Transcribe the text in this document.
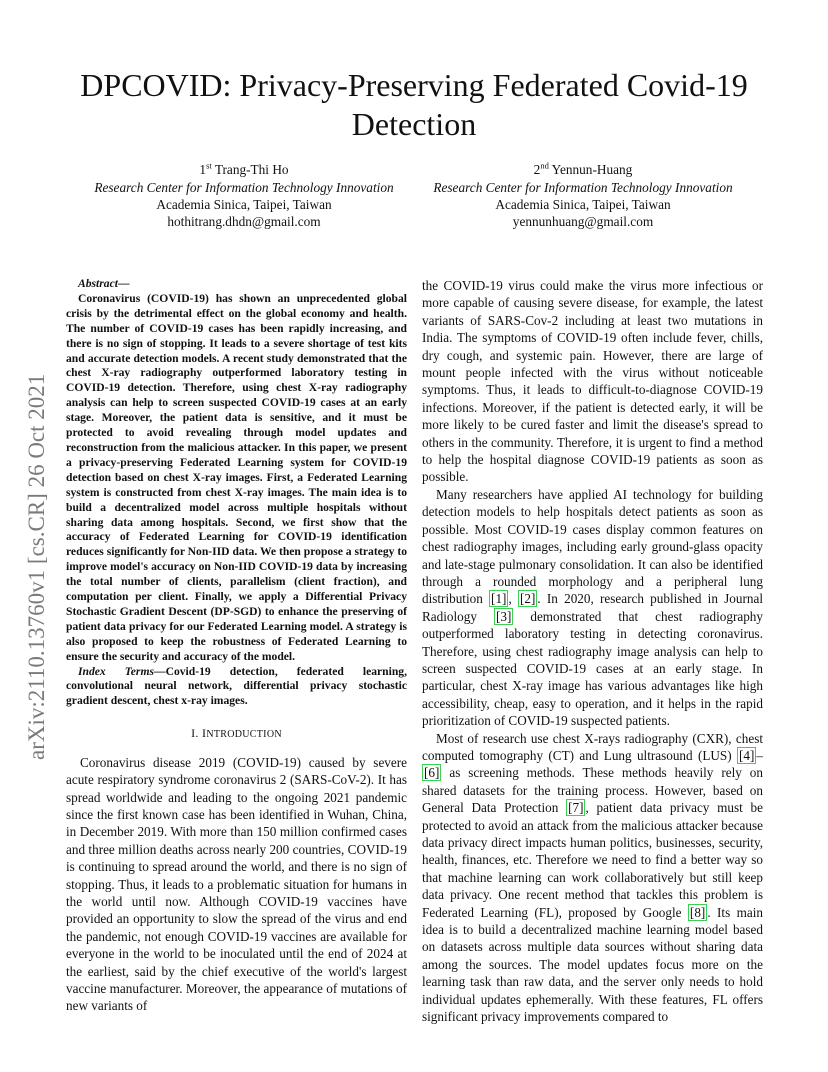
DPCOVID: Privacy-Preserving Federated Covid-19 Detection
1st Trang-Thi Ho
Research Center for Information Technology Innovation
Academia Sinica, Taipei, Taiwan
hothitrang.dhdn@gmail.com
2nd Yennun-Huang
Research Center for Information Technology Innovation
Academia Sinica, Taipei, Taiwan
yennunhuang@gmail.com
arXiv:2110.13760v1 [cs.CR] 26 Oct 2021

Abstract—

Coronavirus (COVID-19) has shown an unprecedented global crisis by the detrimental effect on the global economy and health. The number of COVID-19 cases has been rapidly increasing, and there is no sign of stopping. It leads to a severe shortage of test kits and accurate detection models. A recent study demonstrated that the chest X-ray radiography outperformed laboratory testing in COVID-19 detection. Therefore, using chest X-ray radiography analysis can help to screen suspected COVID-19 cases at an early stage. Moreover, the patient data is sensitive, and it must be protected to avoid revealing through model updates and reconstruction from the malicious attacker. In this paper, we present a privacy-preserving Federated Learning system for COVID-19 detection based on chest X-ray images. First, a Federated Learning system is constructed from chest X-ray images. The main idea is to build a decentralized model across multiple hospitals without sharing data among hospitals. Second, we first show that the accuracy of Federated Learning for COVID-19 identification reduces significantly for Non-IID data. We then propose a strategy to improve model's accuracy on Non-IID COVID-19 data by increasing the total number of clients, parallelism (client fraction), and computation per client. Finally, we apply a Differential Privacy Stochastic Gradient Descent (DP-SGD) to enhance the preserving of patient data privacy for our Federated Learning model. A strategy is also proposed to keep the robustness of Federated Learning to ensure the security and accuracy of the model.

Index Terms—Covid-19 detection, federated learning, convolutional neural network, differential privacy stochastic gradient descent, chest x-ray images.

I. INTRODUCTION

Coronavirus disease 2019 (COVID-19) caused by severe acute respiratory syndrome coronavirus 2 (SARS-CoV-2). It has spread worldwide and leading to the ongoing 2021 pandemic since the first known case has been identified in Wuhan, China, in December 2019. With more than 150 million confirmed cases and three million deaths across nearly 200 countries, COVID-19 is continuing to spread around the world, and there is no sign of stopping. Thus, it leads to a problematic situation for humans in the world until now. Although COVID-19 vaccines have provided an opportunity to slow the spread of the virus and end the pandemic, not enough COVID-19 vaccines are available for everyone in the world to be inoculated until the end of 2024 at the earliest, said by the chief executive of the world's largest vaccine manufacturer. Moreover, the appearance of mutations of new variants of

the COVID-19 virus could make the virus more infectious or more capable of causing severe disease, for example, the latest variants of SARS-Cov-2 including at least two mutations in India. The symptoms of COVID-19 often include fever, chills, dry cough, and systemic pain. However, there are large of mount people infected with the virus without noticeable symptoms. Thus, it leads to difficult-to-diagnose COVID-19 infections. Moreover, if the patient is detected early, it will be more likely to be cured faster and limit the disease's spread to others in the community. Therefore, it is urgent to find a method to help the hospital diagnose COVID-19 patients as soon as possible.

Many researchers have applied AI technology for building detection models to help hospitals detect patients as soon as possible. Most COVID-19 cases display common features on chest radiography images, including early ground-glass opacity and late-stage pulmonary consolidation. It can also be identified through a rounded morphology and a peripheral lung distribution [1] , [2] . In 2020, research published in Journal Radiology [3] demonstrated that chest radiography outperformed laboratory testing in detecting coronavirus. Therefore, using chest radiography image analysis can help to screen suspected COVID-19 cases at an early stage. In particular, chest X-ray image has various advantages like high accessibility, cheap, easy to operation, and it helps in the rapid prioritization of COVID-19 suspected patients.

Most of research use chest X-rays radiography (CXR), chest computed tomography (CT) and Lung ultrasound (LUS) [4] –[6] as screening methods. These methods heavily rely on shared datasets for the training process. However, based on General Data Protection [7] , patient data privacy must be protected to avoid an attack from the malicious attacker because data privacy direct impacts human politics, businesses, security, health, finances, etc. Therefore we need to find a better way so that machine learning can work collaboratively but still keep data privacy. One recent method that tackles this problem is Federated Learning (FL), proposed by Google [8] . Its main idea is to build a decentralized machine learning model based on datasets across multiple data sources without sharing data among the sources. The model updates focus more on the learning task than raw data, and the server only needs to hold individual updates ephemerally. With these features, FL offers significant privacy improvements compared to
